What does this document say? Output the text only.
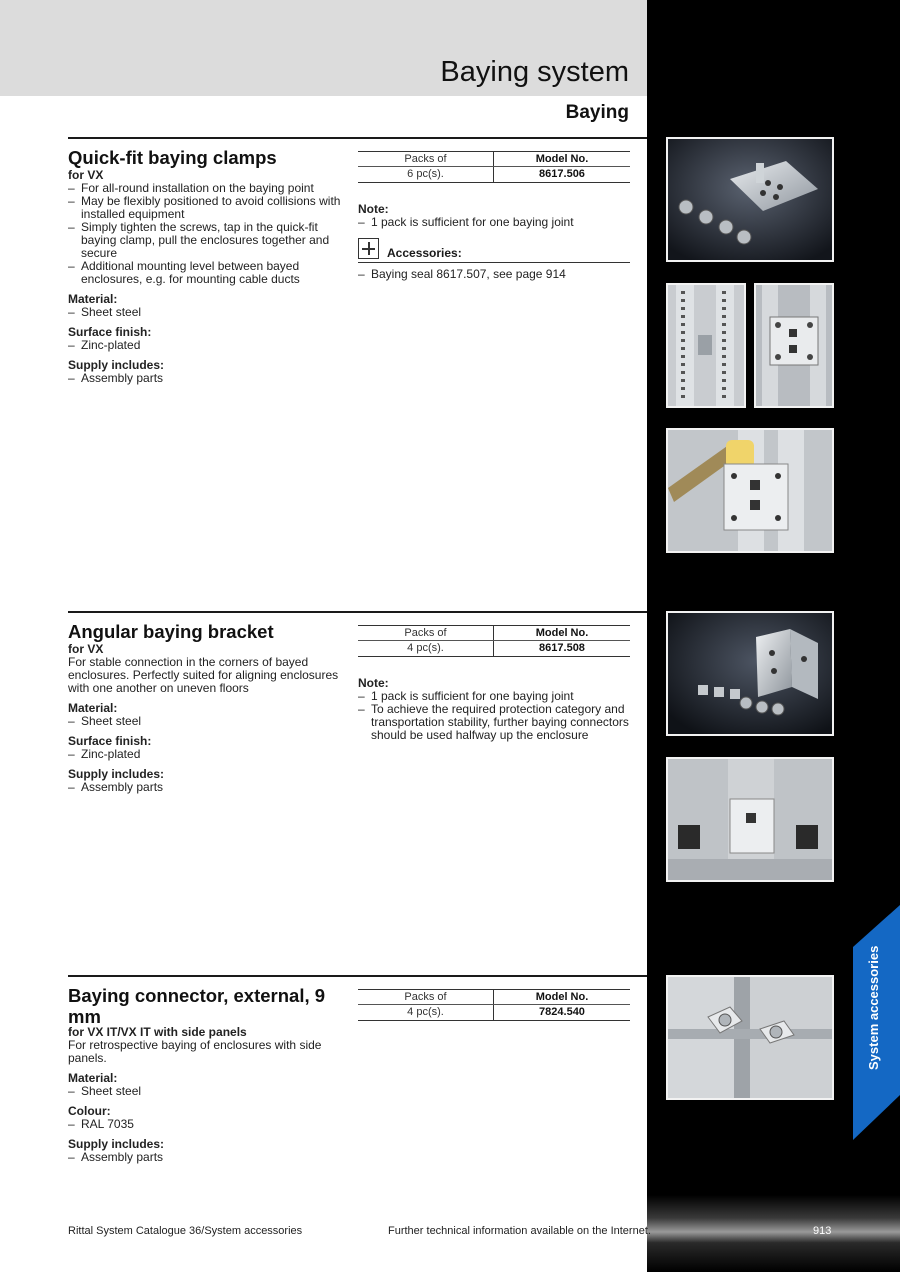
Baying system
Baying
System accessories
Quick-fit baying clamps
for VX
– For all-round installation on the baying point
– May be flexibly positioned to avoid collisions with installed equipment
– Simply tighten the screws, tap in the quick-fit baying clamp, pull the enclosures together and secure
– Additional mounting level between bayed enclosures, e.g. for mounting cable ducts
Material:
– Sheet steel
Surface finish:
– Zinc-plated
Supply includes:
– Assembly parts
Packs of	Model No.
6 pc(s).	8617.506
Note:
– 1 pack is sufficient for one baying joint
Accessories:
– Baying seal 8617.507, see page 914
Angular baying bracket
for VX
For stable connection in the corners of bayed enclosures. Perfectly suited for aligning enclosures with one another on uneven floors
Material:
– Sheet steel
Surface finish:
– Zinc-plated
Supply includes:
– Assembly parts
Packs of	Model No.
4 pc(s).	8617.508
Note:
– 1 pack is sufficient for one baying joint
– To achieve the required protection category and transportation stability, further baying connectors should be used halfway up the enclosure
Baying connector, external, 9 mm
for VX IT/VX IT with side panels
For retrospective baying of enclosures with side panels.
Material:
– Sheet steel
Colour:
– RAL 7035
Supply includes:
– Assembly parts
Packs of	Model No.
4 pc(s).	7824.540
Rittal System Catalogue 36/System accessories	Further technical information available on the Internet.	913
